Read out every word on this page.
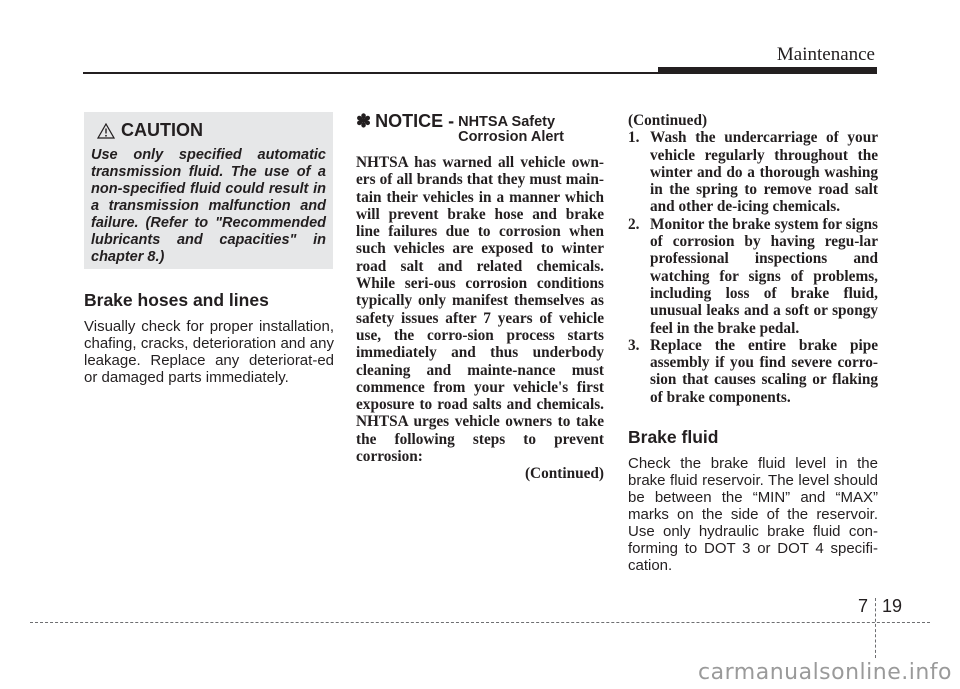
Maintenance
CAUTION

Use only specified automatic transmission fluid. The use of a non-specified fluid could result in a transmission malfunction and failure. (Refer to "Recommended lubricants and capacities" in chapter 8.)

Brake hoses and lines

Visually check for proper installation, chafing, cracks, deterioration and any leakage. Replace any deteriorat-ed or damaged parts immediately.

✽ NOTICE - NHTSA Safety Corrosion Alert

NHTSA has warned all vehicle own-ers of all brands that they must main-tain their vehicles in a manner which will prevent brake hose and brake line failures due to corrosion when such vehicles are exposed to winter road salt and related chemicals. While seri-ous corrosion conditions typically only manifest themselves as safety issues after 7 years of vehicle use, the corro-sion process starts immediately and thus underbody cleaning and mainte-nance must commence from your vehicle's first exposure to road salts and chemicals. NHTSA urges vehicle owners to take the following steps to prevent corrosion:

(Continued)
(Continued)
1. Wash the undercarriage of your vehicle regularly throughout the winter and do a thorough washing in the spring to remove road salt and other de-icing chemicals.
2. Monitor the brake system for signs of corrosion by having regu-lar professional inspections and watching for signs of problems, including loss of brake fluid, unusual leaks and a soft or spongy feel in the brake pedal.
3. Replace the entire brake pipe assembly if you find severe corro-sion that causes scaling or flaking of brake components.
Brake fluid

Check the brake fluid level in the brake fluid reservoir. The level should be between the “MIN” and “MAX” marks on the side of the reservoir. Use only hydraulic brake fluid con-forming to DOT 3 or DOT 4 specifi-cation.

7 19
carmanualsonline.info
